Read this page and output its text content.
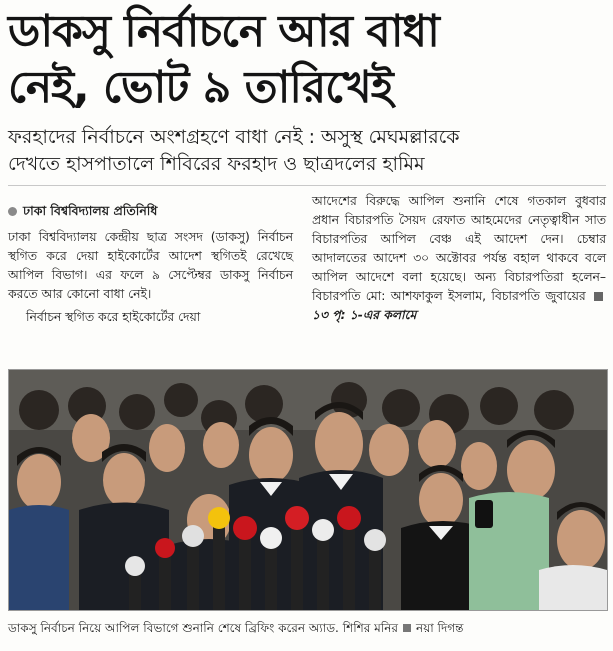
ডাকসু নির্বাচনে আর বাধা
নেই, ভোট ৯ তারিখেই
ফরহাদের নির্বাচনে অংশগ্রহণে বাধা নেই : অসুস্থ মেঘমল্লারকে
দেখতে হাসপাতালে শিবিরের ফরহাদ ও ছাত্রদলের হামিম
ঢাকা বিশ্ববিদ্যালয় প্রতিনিধি

ঢাকা বিশ্ববিদ্যালয় কেন্দ্রীয় ছাত্র সংসদ (ডাকসু) নির্বাচন স্থগিত করে দেয়া হাইকোর্টের আদেশ স্থগিতই রেখেছে আপিল বিভাগ। এর ফলে ৯ সেপ্টেম্বর ডাকসু নির্বাচন করতে আর কোনো বাধা নেই।

নির্বাচন স্থগিত করে হাইকোর্টের দেয়া

আদেশের বিরুদ্ধে আপিল শুনানি শেষে গতকাল বুধবার প্রধান বিচারপতি সৈয়দ রেফাত আহমেদের নেতৃত্বাধীন সাত বিচারপতির আপিল বেঞ্চ এই আদেশ দেন। চেম্বার আদালতের আদেশ ৩০ অক্টোবর পর্যন্ত বহাল থাকবে বলে আপিল আদেশে বলা হয়েছে। অন্য বিচারপতিরা হলেন– বিচারপতি মো: আশফাকুল ইসলাম, বিচারপতি জুবায়ের  ১৩ পৃ: ১-এর কলামে
ডাকসু নির্বাচন নিয়ে আপিল বিভাগে শুনানি শেষে ব্রিফিং করেন অ্যাড. শিশির মনির নয়া দিগন্ত
